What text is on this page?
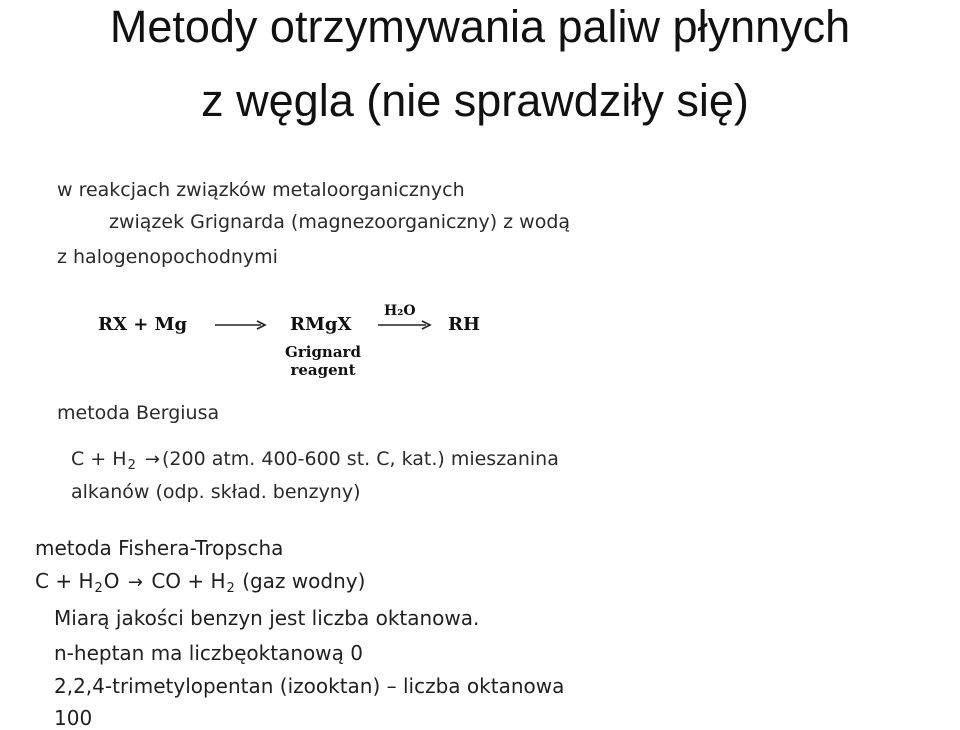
Metody otrzymywania paliw płynnych
z węgla (nie sprawdziły się)
w reakcjach związków metaloorganicznych
związek Grignarda (magnezoorganiczny) z wodą
z halogenopochodnymi
RX + Mg → RMgX
Grignard
reagent
H₂O
→ RH
metoda Bergiusa
$C + H_2 \to (200$ atm. 400-600 st. C, kat.) mieszanina
alkanów (odp. skład. benzyny)
metoda Fishera-Tropscha
$C + H_2O$ → CO + $H_2$ (gaz wodny)
Miarą jakości benzyn jest liczba oktanowa.
n-heptan ma liczbęoktanową 0
2,2,4-trimetylopentan (izooktan) – liczba oktanowa
100
